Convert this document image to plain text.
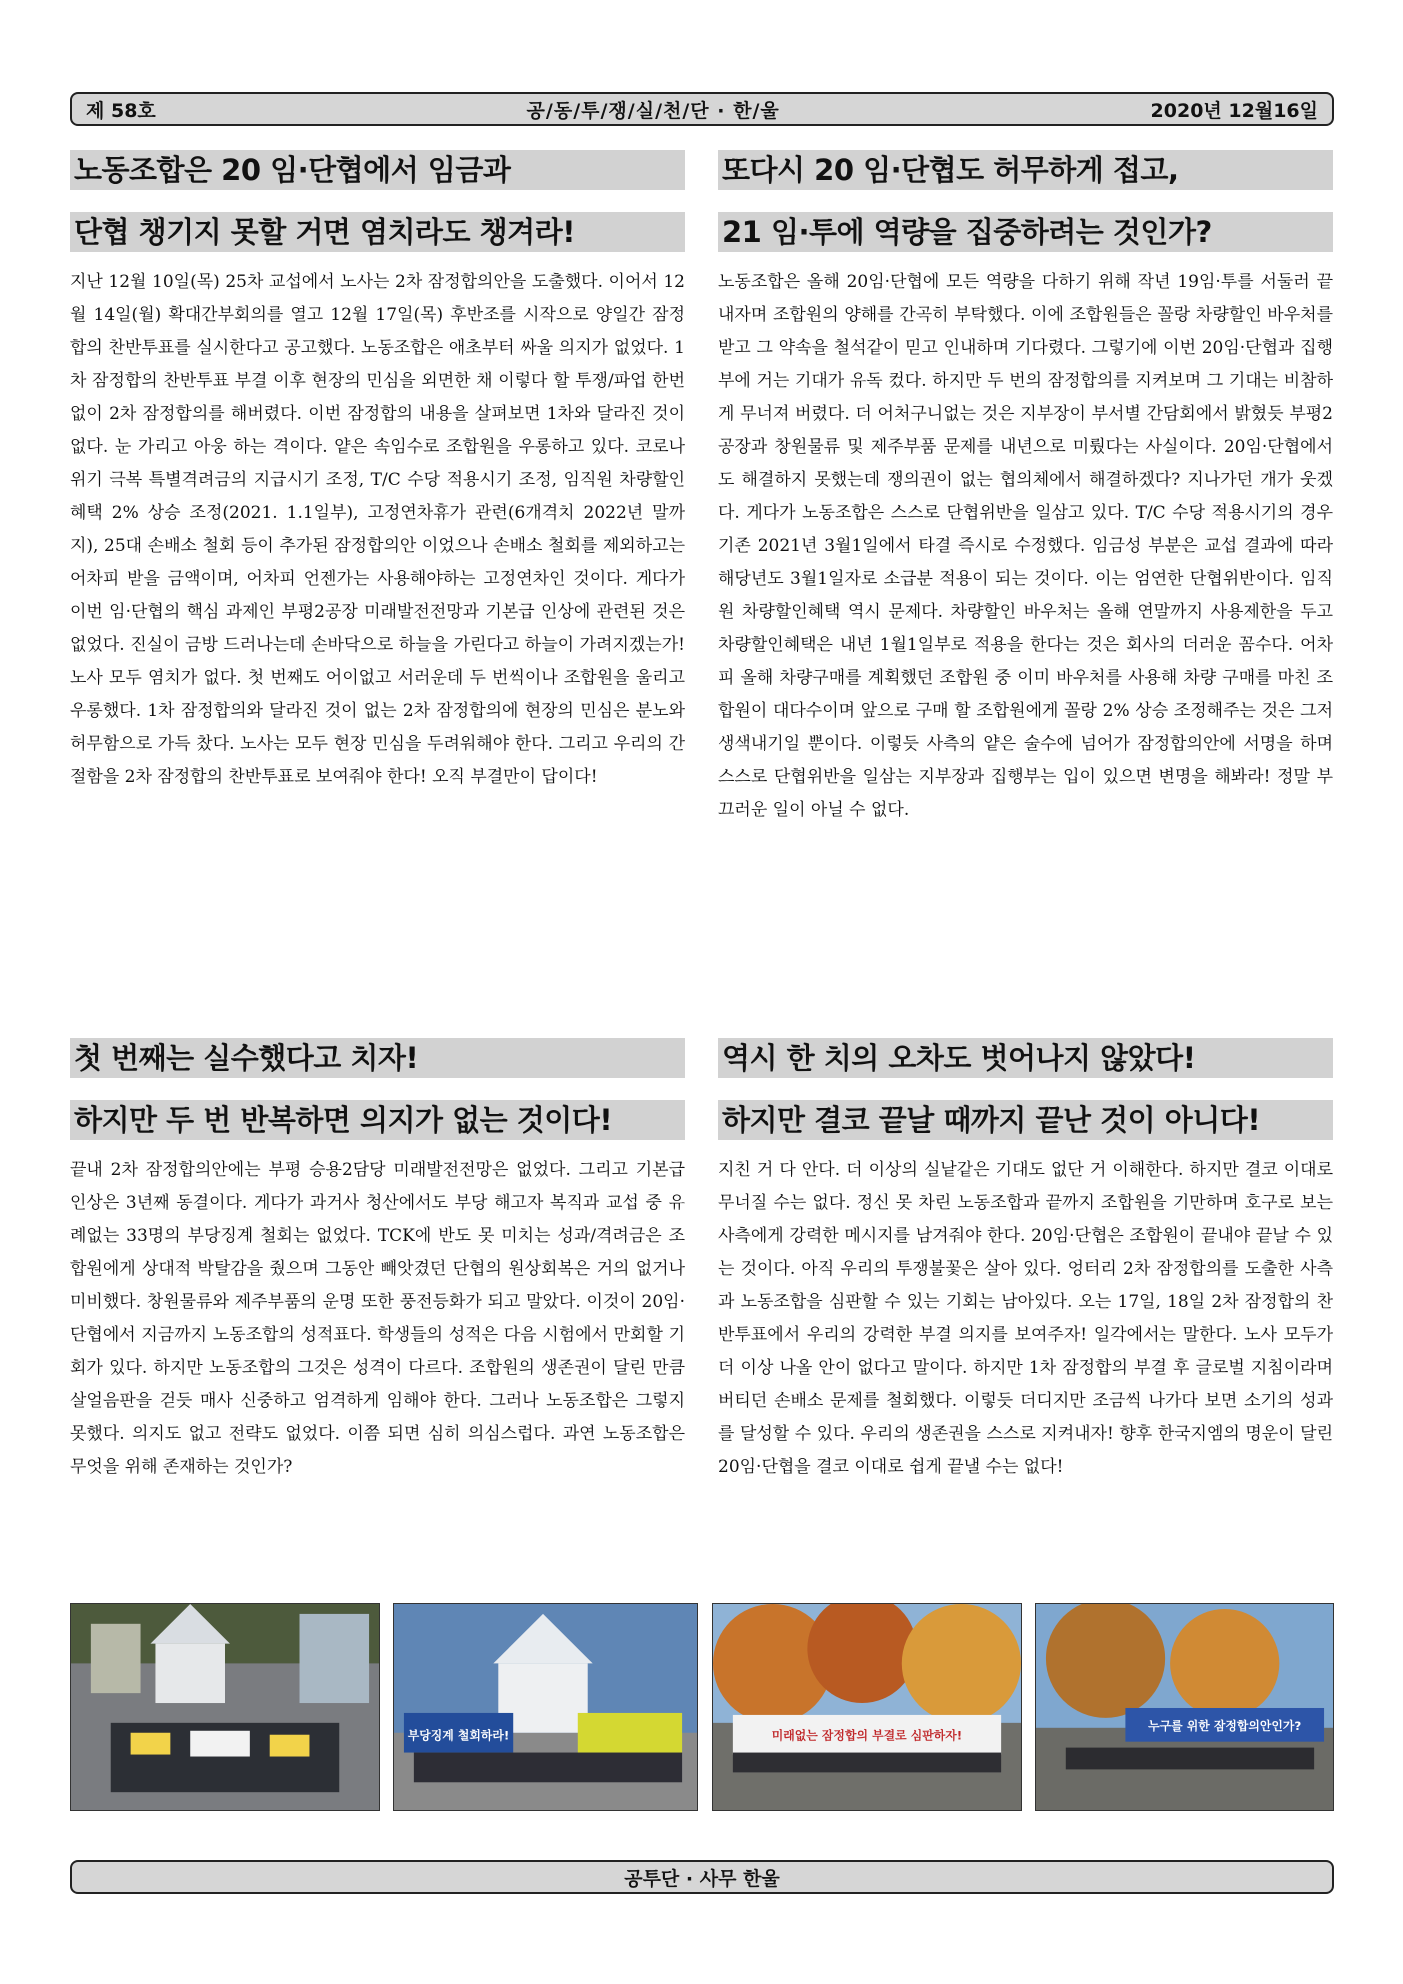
제 58호	공/동/투/쟁/실/천/단 · 한/울	2020년 12월16일
노동조합은 20 임·단협에서 임금과
단협 챙기지 못할 거면 염치라도 챙겨라!
지난 12월 10일(목) 25차 교섭에서 노사는 2차 잠정합의안을 도출했다. 이어서 12월 14일(월) 확대간부회의를 열고 12월 17일(목) 후반조를 시작으로 양일간 잠정합의 찬반투표를 실시한다고 공고했다. 노동조합은 애초부터 싸울 의지가 없었다. 1차 잠정합의 찬반투표 부결 이후 현장의 민심을 외면한 채 이렇다 할 투쟁/파업 한번 없이 2차 잠정합의를 해버렸다. 이번 잠정합의 내용을 살펴보면 1차와 달라진 것이 없다. 눈 가리고 아웅 하는 격이다. 얕은 속임수로 조합원을 우롱하고 있다. 코로나 위기 극복 특별격려금의 지급시기 조정, T/C 수당 적용시기 조정, 임직원 차량할인혜택 2% 상승 조정(2021. 1.1일부), 고정연차휴가 관련(6개격치 2022년 말까지), 25대 손배소 철회 등이 추가된 잠정합의안 이었으나 손배소 철회를 제외하고는 어차피 받을 금액이며, 어차피 언젠가는 사용해야하는 고정연차인 것이다. 게다가 이번 임·단협의 핵심 과제인 부평2공장 미래발전전망과 기본급 인상에 관련된 것은 없었다. 진실이 금방 드러나는데 손바닥으로 하늘을 가린다고 하늘이 가려지겠는가! 노사 모두 염치가 없다. 첫 번째도 어이없고 서러운데 두 번씩이나 조합원을 울리고 우롱했다. 1차 잠정합의와 달라진 것이 없는 2차 잠정합의에 현장의 민심은 분노와 허무함으로 가득 찼다. 노사는 모두 현장 민심을 두려워해야 한다. 그리고 우리의 간절함을 2차 잠정합의 찬반투표로 보여줘야 한다! 오직 부결만이 답이다!
또다시 20 임·단협도 허무하게 접고,
21 임·투에 역량을 집중하려는 것인가?
노동조합은 올해 20임·단협에 모든 역량을 다하기 위해 작년 19임·투를 서둘러 끝내자며 조합원의 양해를 간곡히 부탁했다. 이에 조합원들은 꼴랑 차량할인 바우처를 받고 그 약속을 철석같이 믿고 인내하며 기다렸다. 그렇기에 이번 20임·단협과 집행부에 거는 기대가 유독 컸다. 하지만 두 번의 잠정합의를 지켜보며 그 기대는 비참하게 무너져 버렸다. 더 어처구니없는 것은 지부장이 부서별 간담회에서 밝혔듯 부평2공장과 창원물류 및 제주부품 문제를 내년으로 미뤘다는 사실이다. 20임·단협에서도 해결하지 못했는데 쟁의권이 없는 협의체에서 해결하겠다? 지나가던 개가 웃겠다. 게다가 노동조합은 스스로 단협위반을 일삼고 있다. T/C 수당 적용시기의 경우 기존 2021년 3월1일에서 타결 즉시로 수정했다. 임금성 부분은 교섭 결과에 따라 해당년도 3월1일자로 소급분 적용이 되는 것이다. 이는 엄연한 단협위반이다. 임직원 차량할인혜택 역시 문제다. 차량할인 바우처는 올해 연말까지 사용제한을 두고 차량할인혜택은 내년 1월1일부로 적용을 한다는 것은 회사의 더러운 꼼수다. 어차피 올해 차량구매를 계획했던 조합원 중 이미 바우처를 사용해 차량 구매를 마친 조합원이 대다수이며 앞으로 구매 할 조합원에게 꼴랑 2% 상승 조정해주는 것은 그저 생색내기일 뿐이다. 이렇듯 사측의 얕은 술수에 넘어가 잠정합의안에 서명을 하며 스스로 단협위반을 일삼는 지부장과 집행부는 입이 있으면 변명을 해봐라! 정말 부끄러운 일이 아닐 수 없다.
첫 번째는 실수했다고 치자!
하지만 두 번 반복하면 의지가 없는 것이다!
끝내 2차 잠정합의안에는 부평 승용2담당 미래발전전망은 없었다. 그리고 기본급 인상은 3년째 동결이다. 게다가 과거사 청산에서도 부당 해고자 복직과 교섭 중 유례없는 33명의 부당징계 철회는 없었다. TCK에 반도 못 미치는 성과/격려금은 조합원에게 상대적 박탈감을 줬으며 그동안 빼앗겼던 단협의 원상회복은 거의 없거나 미비했다. 창원물류와 제주부품의 운명 또한 풍전등화가 되고 말았다. 이것이 20임·단협에서 지금까지 노동조합의 성적표다. 학생들의 성적은 다음 시험에서 만회할 기회가 있다. 하지만 노동조합의 그것은 성격이 다르다. 조합원의 생존권이 달린 만큼 살얼음판을 걷듯 매사 신중하고 엄격하게 임해야 한다. 그러나 노동조합은 그렇지 못했다. 의지도 없고 전략도 없었다. 이쯤 되면 심히 의심스럽다. 과연 노동조합은 무엇을 위해 존재하는 것인가?
역시 한 치의 오차도 벗어나지 않았다!
하지만 결코 끝날 때까지 끝난 것이 아니다!
지친 거 다 안다. 더 이상의 실낱같은 기대도 없단 거 이해한다. 하지만 결코 이대로 무너질 수는 없다. 정신 못 차린 노동조합과 끝까지 조합원을 기만하며 호구로 보는 사측에게 강력한 메시지를 남겨줘야 한다. 20임·단협은 조합원이 끝내야 끝날 수 있는 것이다. 아직 우리의 투쟁불꽃은 살아 있다. 엉터리 2차 잠정합의를 도출한 사측과 노동조합을 심판할 수 있는 기회는 남아있다. 오는 17일, 18일 2차 잠정합의 찬반투표에서 우리의 강력한 부결 의지를 보여주자! 일각에서는 말한다. 노사 모두가 더 이상 나올 안이 없다고 말이다. 하지만 1차 잠정합의 부결 후 글로벌 지침이라며 버티던 손배소 문제를 철회했다. 이렇듯 더디지만 조금씩 나가다 보면 소기의 성과를 달성할 수 있다. 우리의 생존권을 스스로 지켜내자! 향후 한국지엠의 명운이 달린 20임·단협을 결코 이대로 쉽게 끝낼 수는 없다!
부당징계 철회하라!	미래없는 잠정합의 부결로 심판하자!
누구를 위한 잠정합의안인가?
공투단 · 사무 한울
